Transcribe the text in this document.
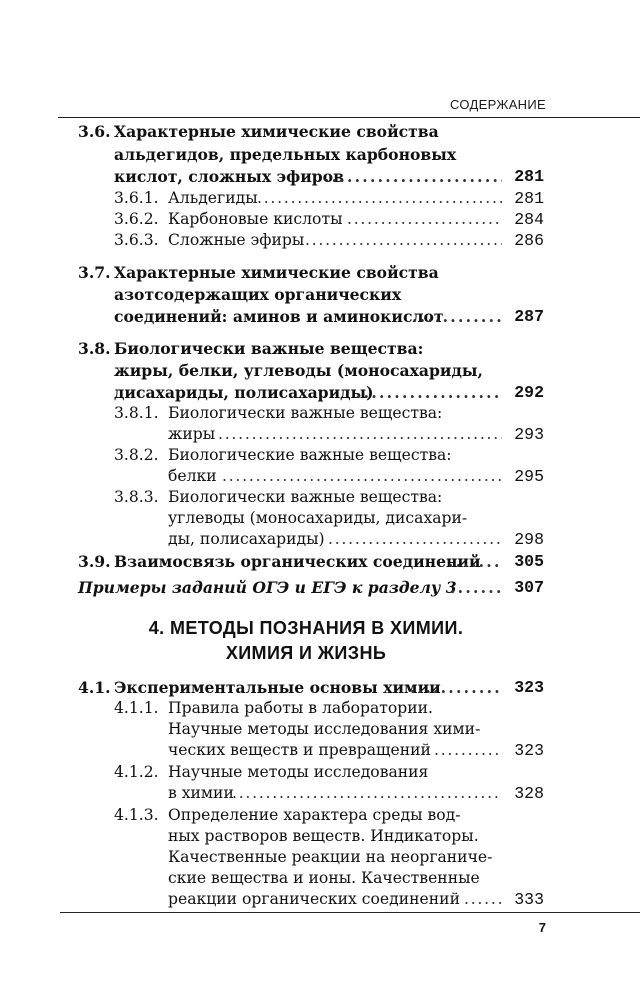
СОДЕРЖАНИЕ
3.6. Характерные химические свойства
альдегидов, предельных карбоновых
кислот, сложных эфиров . . .	281
3.6.1. Альдегиды . . .	281
3.6.2. Карбоновые кислоты . . .	284
3.6.3. Сложные эфиры . . .	286
3.7. Характерные химические свойства
азотсодержащих органических
соединений: аминов и аминокислот . . .	287
3.8. Биологически важные вещества:
жиры, белки, углеводы (моносахариды,
дисахариды, полисахариды) . . .	292
3.8.1. Биологически важные вещества:
жиры . . .	293
3.8.2. Биологические важные вещества:
белки . . .	295
3.8.3. Биологически важные вещества:
углеводы (моносахариды, дисахари-
ды, полисахариды) . . .	298
3.9. Взаимосвязь органических соединений . . . 305
Примеры заданий ОГЭ и ЕГЭ к разделу 3 . . .	307
4. МЕТОДЫ ПОЗНАНИЯ В ХИМИИ.
ХИМИЯ И ЖИЗНЬ
4.1. Экспериментальные основы химии . . .	323
4.1.1. Правила работы в лаборатории.
Научные методы исследования хими-
ческих веществ и превращений . . .	323
4.1.2. Научные методы исследования
в химии . . .	328
4.1.3. Определение характера среды вод-
ных растворов веществ. Индикаторы.
Качественные реакции на неорганиче-
ские вещества и ионы. Качественные
реакции органических соединений . . .	333
7
